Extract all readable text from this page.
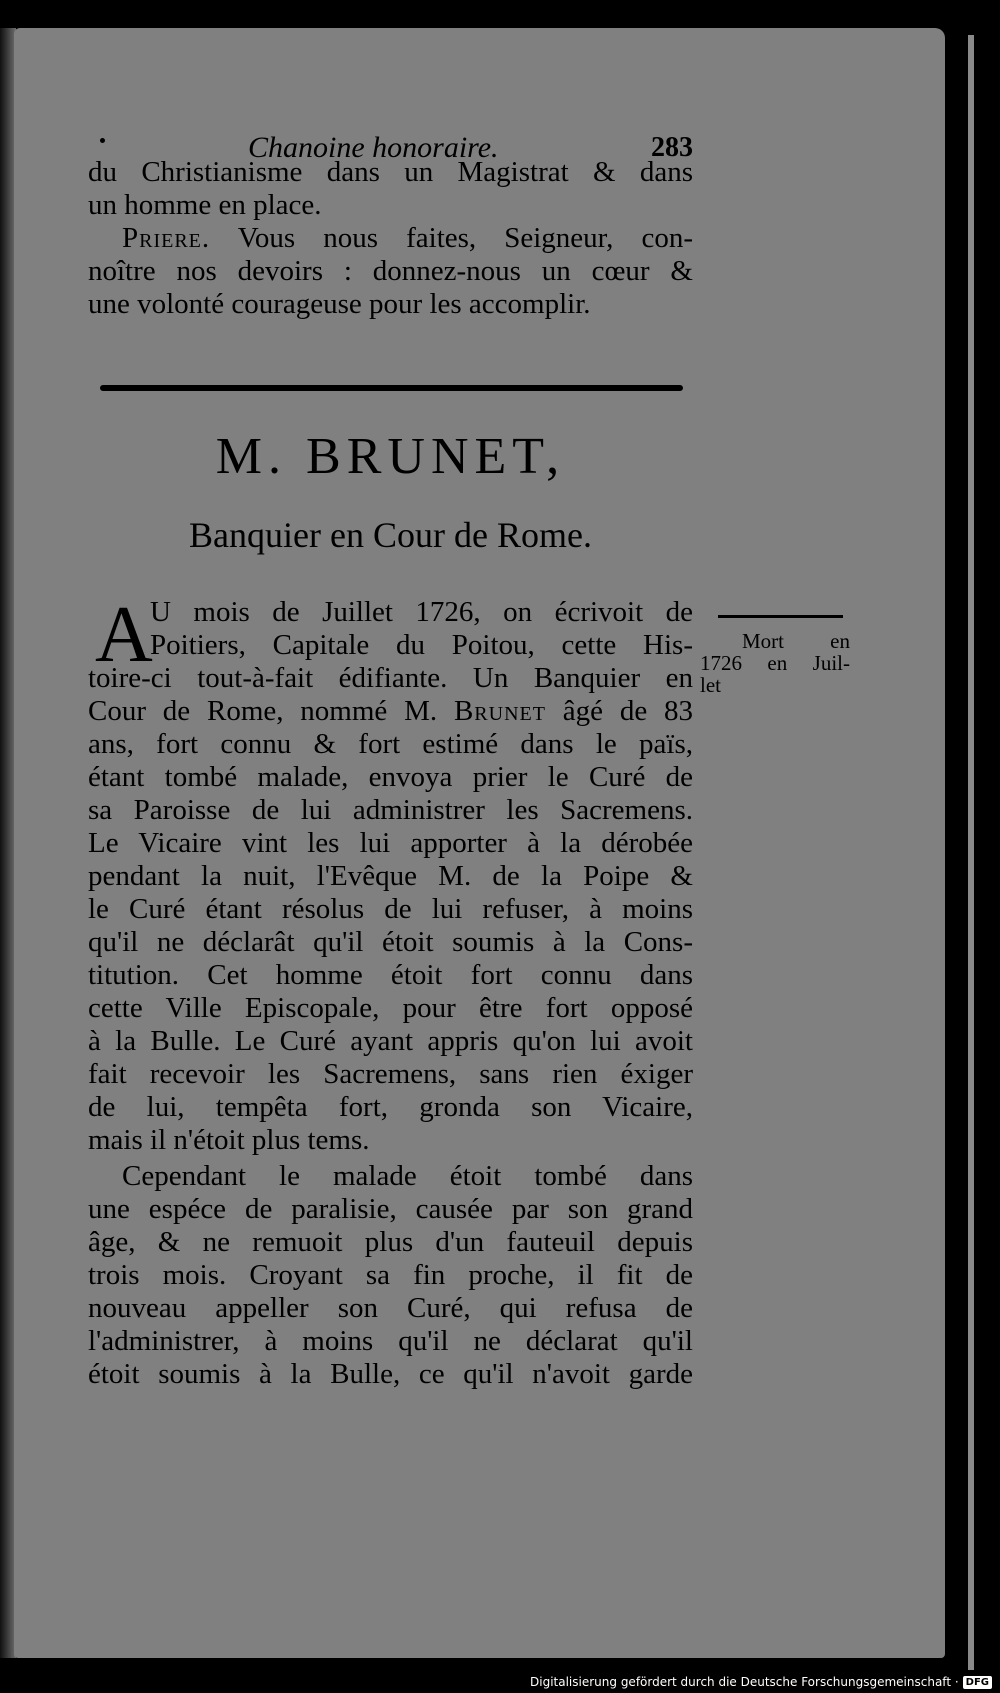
Chanoine honoraire.	283
du Christianisme dans un Magistrat & dans
un homme en place.
Priere. Vous nous faites, Seigneur, con-
noître nos devoirs : donnez-nous un cœur &
une volonté courageuse pour les accomplir.
M. BRUNET,
Banquier en Cour de Rome.
A
U mois de Juillet 1726, on écrivoit de
Poitiers, Capitale du Poitou, cette His-
toire-ci tout-à-fait édifiante. Un Banquier en
Cour de Rome, nommé M. Brunet âgé de 83
ans, fort connu & fort estimé dans le païs,
étant tombé malade, envoya prier le Curé de
sa Paroisse de lui administrer les Sacremens.
Le Vicaire vint les lui apporter à la dérobée
pendant la nuit, l'Evêque M. de la Poipe &
le Curé étant résolus de lui refuser, à moins
qu'il ne déclarât qu'il étoit soumis à la Cons-
titution. Cet homme étoit fort connu dans
cette Ville Episcopale, pour être fort opposé
à la Bulle. Le Curé ayant appris qu'on lui avoit
fait recevoir les Sacremens, sans rien éxiger
de lui, tempêta fort, gronda son Vicaire,
mais il n'étoit plus tems.
Cependant le malade étoit tombé dans
une espéce de paralisie, causée par son grand
âge, & ne remuoit plus d'un fauteuil depuis
trois mois. Croyant sa fin proche, il fit de
nouveau appeller son Curé, qui refusa de
l'administrer, à moins qu'il ne déclarat qu'il
étoit soumis à la Bulle, ce qu'il n'avoit garde
Mort en
1726 en Juil-
let
Digitalisierung gefördert durch die Deutsche Forschungsgemeinschaft · DFG
